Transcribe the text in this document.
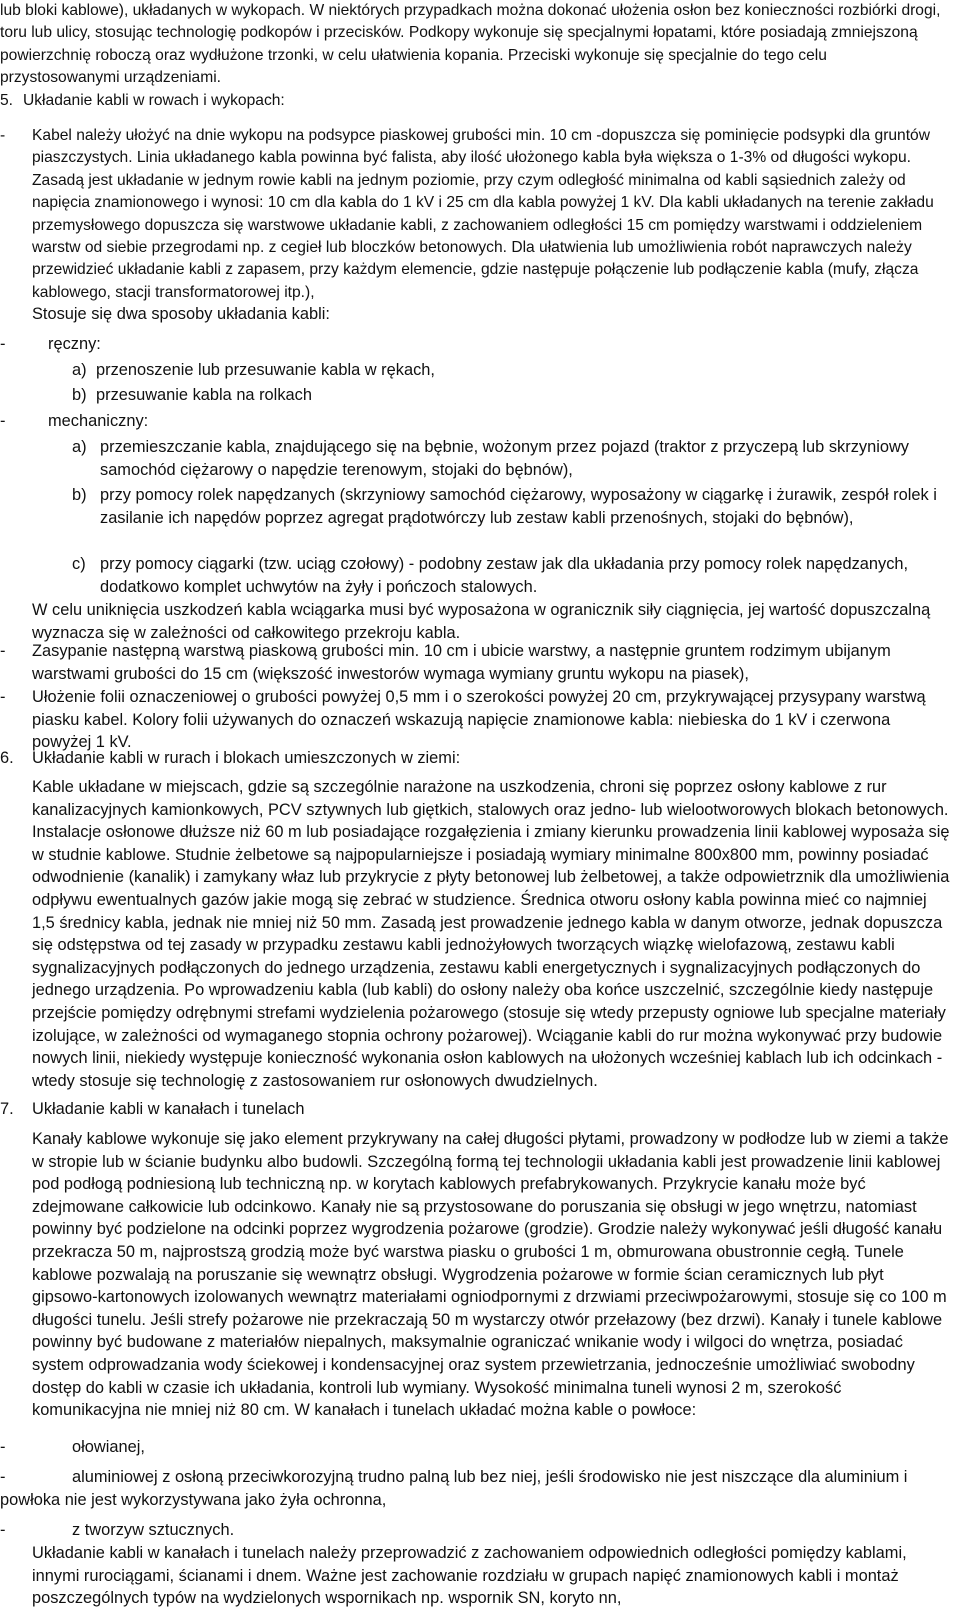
lub bloki kablowe), układanych w wykopach. W niektórych przypadkach można dokonać ułożenia osłon bez konieczności rozbiórki drogi, toru lub ulicy, stosując technologię podkopów i przecisków. Podkopy wykonuje się specjalnymi łopatami, które posiadają zmniejszoną powierzchnię roboczą oraz wydłużone trzonki, w celu ułatwienia kopania. Przeciski wykonuje się specjalnie do tego celu przystosowanymi urządzeniami.

5. Układanie kabli w rowach i wykopach:
-	Kabel należy ułożyć na dnie wykopu na podsypce piaskowej grubości min. 10 cm -dopuszcza się pominięcie podsypki dla gruntów piaszczystych. Linia układanego kabla powinna być falista, aby ilość ułożonego kabla była większa o 1-3% od długości wykopu. Zasadą jest układanie w jednym rowie kabli na jednym poziomie, przy czym odległość minimalna od kabli sąsiednich zależy od napięcia znamionowego i wynosi: 10 cm dla kabla do 1 kV i 25 cm dla kabla powyżej 1 kV. Dla kabli układanych na terenie zakładu przemysłowego dopuszcza się warstwowe układanie kabli, z zachowaniem odległości 15 cm pomiędzy warstwami i oddzieleniem warstw od siebie przegrodami np. z cegieł lub bloczków betonowych. Dla ułatwienia lub umożliwienia robót naprawczych należy przewidzieć układanie kabli z zapasem, przy każdym elemencie, gdzie następuje połączenie lub podłączenie kabla (mufy, złącza kablowego, stacji transformatorowej itp.),

Stosuje się dwa sposoby układania kabli:

-	ręczny:
a) przenoszenie lub przesuwanie kabla w rękach,
b) przesuwanie kabla na rolkach
-	mechaniczny:
a) przemieszczanie kabla, znajdującego się na bębnie, wożonym przez pojazd (traktor z przyczepą lub skrzyniowy samochód ciężarowy o napędzie terenowym, stojaki do bębnów),

b) przy pomocy rolek napędzanych (skrzyniowy samochód ciężarowy, wyposażony w ciągarkę i żurawik, zespół rolek i zasilanie ich napędów poprzez agregat prądotwórczy lub zestaw kabli przenośnych, stojaki do bębnów),

c) przy pomocy ciągarki (tzw. uciąg czołowy) - podobny zestaw jak dla układania przy pomocy rolek napędzanych, dodatkowo komplet uchwytów na żyły i pończoch stalowych.

W celu uniknięcia uszkodzeń kabla wciągarka musi być wyposażona w ogranicznik siły ciągnięcia, jej wartość dopuszczalną wyznacza się w zależności od całkowitego przekroju kabla.

-	Zasypanie następną warstwą piaskową grubości min. 10 cm i ubicie warstwy, a następnie gruntem rodzimym ubijanym warstwami grubości do 15 cm (większość inwestorów wymaga wymiany gruntu wykopu na piasek),

-	Ułożenie folii oznaczeniowej o grubości powyżej 0,5 mm i o szerokości powyżej 20 cm, przykrywającej przysypany warstwą piasku kabel. Kolory folii używanych do oznaczeń wskazują napięcie znamionowe kabla: niebieska do 1 kV i czerwona powyżej 1 kV.

6. Układanie kabli w rurach i blokach umieszczonych w ziemi:

Kable układane w miejscach, gdzie są szczególnie narażone na uszkodzenia, chroni się poprzez osłony kablowe z rur kanalizacyjnych kamionkowych, PCV sztywnych lub giętkich, stalowych oraz jedno- lub wielootworowych blokach betonowych. Instalacje osłonowe dłuższe niż 60 m lub posiadające rozgałęzienia i zmiany kierunku prowadzenia linii kablowej wyposaża się w studnie kablowe. Studnie żelbetowe są najpopularniejsze i posiadają wymiary minimalne 800x800 mm, powinny posiadać odwodnienie (kanalik) i zamykany właz lub przykrycie z płyty betonowej lub żelbetowej, a także odpowietrznik dla umożliwienia odpływu ewentualnych gazów jakie mogą się zebrać w studzience. Średnica otworu osłony kabla powinna mieć co najmniej 1,5 średnicy kabla, jednak nie mniej niż 50 mm. Zasadą jest prowadzenie jednego kabla w danym otworze, jednak dopuszcza się odstępstwa od tej zasady w przypadku zestawu kabli jednożyłowych tworzących wiązkę wielofazową, zestawu kabli sygnalizacyjnych podłączonych do jednego urządzenia, zestawu kabli energetycznych i sygnalizacyjnych podłączonych do jednego urządzenia. Po wprowadzeniu kabla (lub kabli) do osłony należy oba końce uszczelnić, szczególnie kiedy następuje przejście pomiędzy odrębnymi strefami wydzielenia pożarowego (stosuje się wtedy przepusty ogniowe lub specjalne materiały izolujące, w zależności od wymaganego stopnia ochrony pożarowej). Wciąganie kabli do rur można wykonywać przy budowie nowych linii, niekiedy występuje konieczność wykonania osłon kablowych na ułożonych wcześniej kablach lub ich odcinkach - wtedy stosuje się technologię z zastosowaniem rur osłonowych dwudzielnych.

7. Układanie kabli w kanałach i tunelach

Kanały kablowe wykonuje się jako element przykrywany na całej długości płytami, prowadzony w podłodze lub w ziemi a także w stropie lub w ścianie budynku albo budowli. Szczególną formą tej technologii układania kabli jest prowadzenie linii kablowej pod podłogą podniesioną lub techniczną np. w korytach kablowych prefabrykowanych. Przykrycie kanału może być zdejmowane całkowicie lub odcinkowo. Kanały nie są przystosowane do poruszania się obsługi w jego wnętrzu, natomiast powinny być podzielone na odcinki poprzez wygrodzenia pożarowe (grodzie). Grodzie należy wykonywać jeśli długość kanału przekracza 50 m, najprostszą grodzią może być warstwa piasku o grubości 1 m, obmurowana obustronnie cegłą. Tunele kablowe pozwalają na poruszanie się wewnątrz obsługi. Wygrodzenia pożarowe w formie ścian ceramicznych lub płyt gipsowo-kartonowych izolowanych wewnątrz materiałami ogniodpornymi z drzwiami przeciwpożarowymi, stosuje się co 100 m długości tunelu. Jeśli strefy pożarowe nie przekraczają 50 m wystarczy otwór przełazowy (bez drzwi). Kanały i tunele kablowe powinny być budowane z materiałów niepalnych, maksymalnie ograniczać wnikanie wody i wilgoci do wnętrza, posiadać system odprowadzania wody ściekowej i kondensacyjnej oraz system przewietrzania, jednocześnie umożliwiać swobodny dostęp do kabli w czasie ich układania, kontroli lub wymiany. Wysokość minimalna tuneli wynosi 2 m, szerokość komunikacyjna nie mniej niż 80 cm. W kanałach i tunelach układać można kable o powłoce:

-	ołowianej,
-	aluminiowej z osłoną przeciwkorozyjną trudno palną lub bez niej, jeśli środowisko nie jest niszczące dla aluminium i powłoka nie jest wykorzystywana jako żyła ochronna,

-	z tworzyw sztucznych.

Układanie kabli w kanałach i tunelach należy przeprowadzić z zachowaniem odpowiednich odległości pomiędzy kablami, innymi rurociągami, ścianami i dnem. Ważne jest zachowanie rozdziału w grupach napięć znamionowych kabli i montaż poszczególnych typów na wydzielonych wspornikach np. wspornik SN, koryto nn,
